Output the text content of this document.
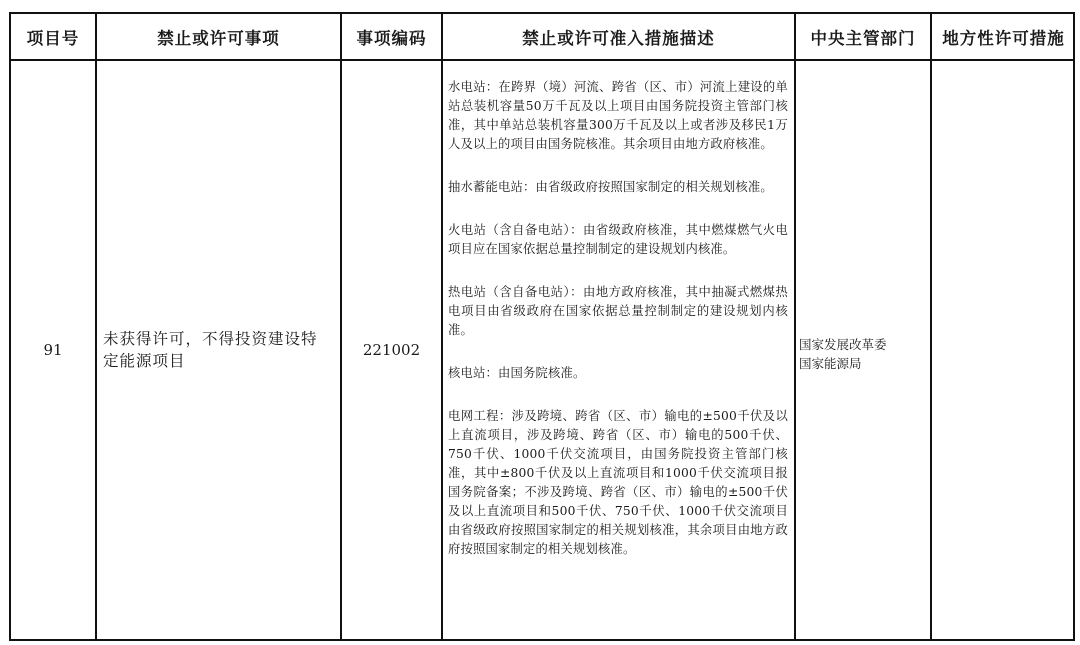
项目号
91
禁止或许可事项
未获得许可，不得投资建设特定能源项目
事项编码
221002
禁止或许可准入措施描述

水电站：在跨界（境）河流、跨省（区、市）河流上建设的单站总装机容量50万千瓦及以上项目由国务院投资主管部门核准，其中单站总装机容量300万千瓦及以上或者涉及移民1万人及以上的项目由国务院核准。其余项目由地方政府核准。

抽水蓄能电站：由省级政府按照国家制定的相关规划核准。

火电站（含自备电站）：由省级政府核准，其中燃煤燃气火电项目应在国家依据总量控制制定的建设规划内核准。

热电站（含自备电站）：由地方政府核准，其中抽凝式燃煤热电项目由省级政府在国家依据总量控制制定的建设规划内核准。

核电站：由国务院核准。

电网工程：涉及跨境、跨省（区、市）输电的±500千伏及以上直流项目，涉及跨境、跨省（区、市）输电的500千伏、750千伏、1000千伏交流项目，由国务院投资主管部门核准，其中±800千伏及以上直流项目和1000千伏交流项目报国务院备案；不涉及跨境、跨省（区、市）输电的±500千伏及以上直流项目和500千伏、750千伏、1000千伏交流项目由省级政府按照国家制定的相关规划核准，其余项目由地方政府按照国家制定的相关规划核准。

中央主管部门
国家发展改革委
国家能源局
地方性许可措施
